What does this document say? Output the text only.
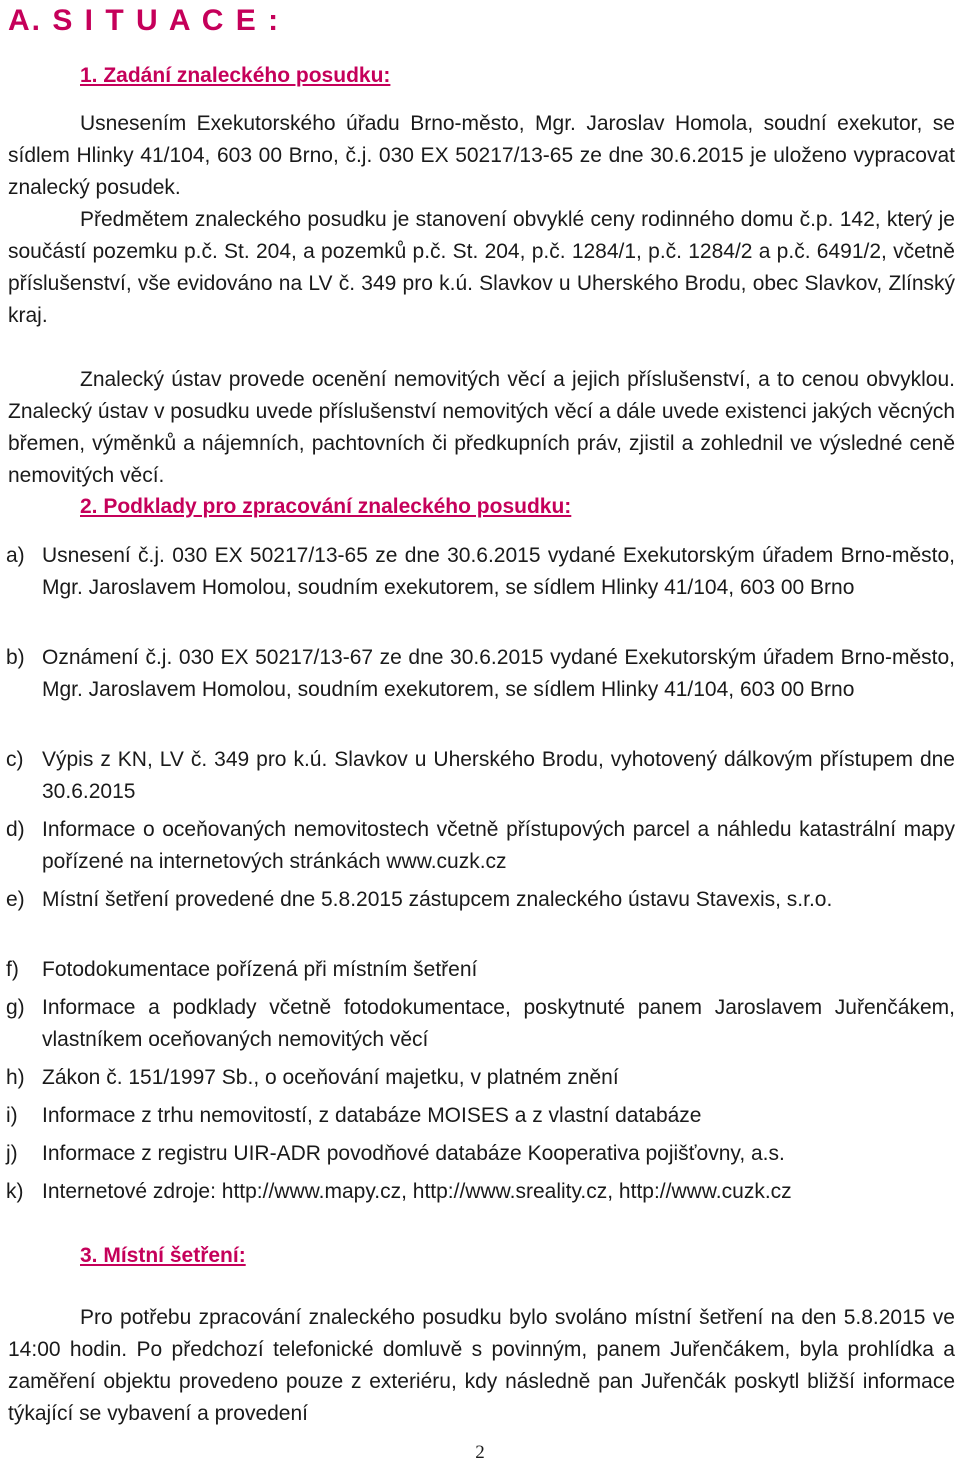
A. S I T U A C E :
1. Zadání znaleckého posudku:

Usnesením Exekutorského úřadu Brno-město, Mgr. Jaroslav Homola, soudní exekutor, se sídlem Hlinky 41/104, 603 00 Brno, č.j. 030 EX 50217/13-65 ze dne 30.6.2015 je uloženo vypracovat znalecký posudek.

Předmětem znaleckého posudku je stanovení obvyklé ceny rodinného domu č.p. 142, který je součástí pozemku p.č. St. 204, a pozemků p.č. St. 204, p.č. 1284/1, p.č. 1284/2 a p.č. 6491/2, včetně příslušenství, vše evidováno na LV č. 349 pro k.ú. Slavkov u Uherského Brodu, obec Slavkov, Zlínský kraj.

Znalecký ústav provede ocenění nemovitých věcí a jejich příslušenství, a to cenou obvyklou. Znalecký ústav v posudku uvede příslušenství nemovitých věcí a dále uvede existenci jakých věcných břemen, výměnků a nájemních, pachtovních či předkupních práv, zjistil a zohlednil ve výsledné ceně nemovitých věcí.

2. Podklady pro zpracování znaleckého posudku:
a) Usnesení č.j. 030 EX 50217/13-65 ze dne 30.6.2015 vydané Exekutorským úřadem Brno-město, Mgr. Jaroslavem Homolou, soudním exekutorem, se sídlem Hlinky 41/104, 603 00 Brno
b) Oznámení č.j. 030 EX 50217/13-67 ze dne 30.6.2015 vydané Exekutorským úřadem Brno-město, Mgr. Jaroslavem Homolou, soudním exekutorem, se sídlem Hlinky 41/104, 603 00 Brno
c) Výpis z KN, LV č. 349 pro k.ú. Slavkov u Uherského Brodu, vyhotovený dálkovým přístupem dne 30.6.2015
d) Informace o oceňovaných nemovitostech včetně přístupových parcel a náhledu katastrální mapy pořízené na internetových stránkách www.cuzk.cz
e) Místní šetření provedené dne 5.8.2015 zástupcem znaleckého ústavu Stavexis, s.r.o.
f) Fotodokumentace pořízená při místním šetření
g) Informace a podklady včetně fotodokumentace, poskytnuté panem Jaroslavem Juřenčákem, vlastníkem oceňovaných nemovitých věcí
h) Zákon č. 151/1997 Sb., o oceňování majetku, v platném znění
i) Informace z trhu nemovitostí, z databáze MOISES a z vlastní databáze
j) Informace z registru UIR-ADR povodňové databáze Kooperativa pojišťovny, a.s.
k) Internetové zdroje: http://www.mapy.cz, http://www.sreality.cz, http://www.cuzk.cz
3. Místní šetření:

Pro potřebu zpracování znaleckého posudku bylo svoláno místní šetření na den 5.8.2015 ve 14:00 hodin. Po předchozí telefonické domluvě s povinným, panem Juřenčákem, byla prohlídka a zaměření objektu provedeno pouze z exteriéru, kdy následně pan Juřenčák poskytl bližší informace týkající se vybavení a provedení

2
